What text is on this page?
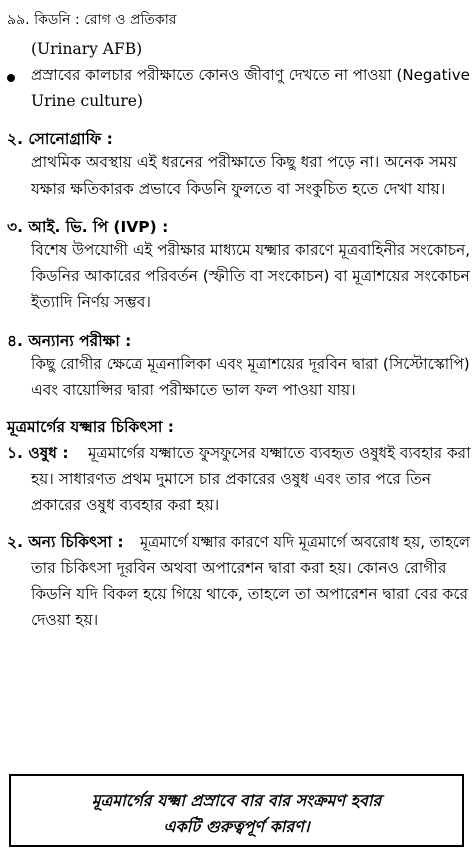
৯৯. কিডনি : রোগ ও প্রতিকার
(Urinary AFB)
প্রস্রাবের কালচার পরীক্ষাতে কোনও জীবাণু দেখতে না পাওয়া (Negative
Urine culture)
২. সোনোগ্রাফি :
প্রাথমিক অবস্থায় এই ধরনের পরীক্ষাতে কিছু ধরা পড়ে না। অনেক সময়
যক্ষার ক্ষতিকারক প্রভাবে কিডনি ফুলতে বা সংকুচিত হতে দেখা যায়।
৩. আই. ভি. পি (IVP) :
বিশেষ উপযোগী এই পরীক্ষার মাধ্যমে যক্ষ্মার কারণে মূত্রবাহিনীর সংকোচন,
কিডনির আকারের পরিবর্তন (স্ফীতি বা সংকোচন) বা মূত্রাশয়ের সংকোচন
ইত্যাদি নির্ণয় সম্ভব।
৪. অন্যান্য পরীক্ষা :
কিছু রোগীর ক্ষেত্রে মূত্রনালিকা এবং মূত্রাশয়ের দূরবিন দ্বারা (সিস্টোস্কোপি)
এবং বায়োপ্সির দ্বারা পরীক্ষাতে ভাল ফল পাওয়া যায়।
মূত্রমার্গের যক্ষ্মার চিকিৎসা :
১. ওষুধ : মূত্রমার্গের যক্ষ্মাতে ফুসফুসের যক্ষ্মাতে ব্যবহৃত ওষুধই ব্যবহার করা
হয়। সাধারণত প্রথম দুমাসে চার প্রকারের ওষুধ এবং তার পরে তিন
প্রকারের ওষুধ ব্যবহার করা হয়।
২. অন্য চিকিৎসা : মূত্রমার্গে যক্ষ্মার কারণে যদি মূত্রমার্গে অবরোধ হয়, তাহলে
তার চিকিৎসা দূরবিন অথবা অপারেশন দ্বারা করা হয়। কোনও রোগীর
কিডনি যদি বিকল হয়ে গিয়ে থাকে, তাহলে তা অপারেশন দ্বারা বের করে
দেওয়া হয়।

মূত্রমার্গের যক্ষ্মা প্রস্রাবে বার বার সংক্রমণ হবার

একটি গুরুত্বপূর্ণ কারণ।
